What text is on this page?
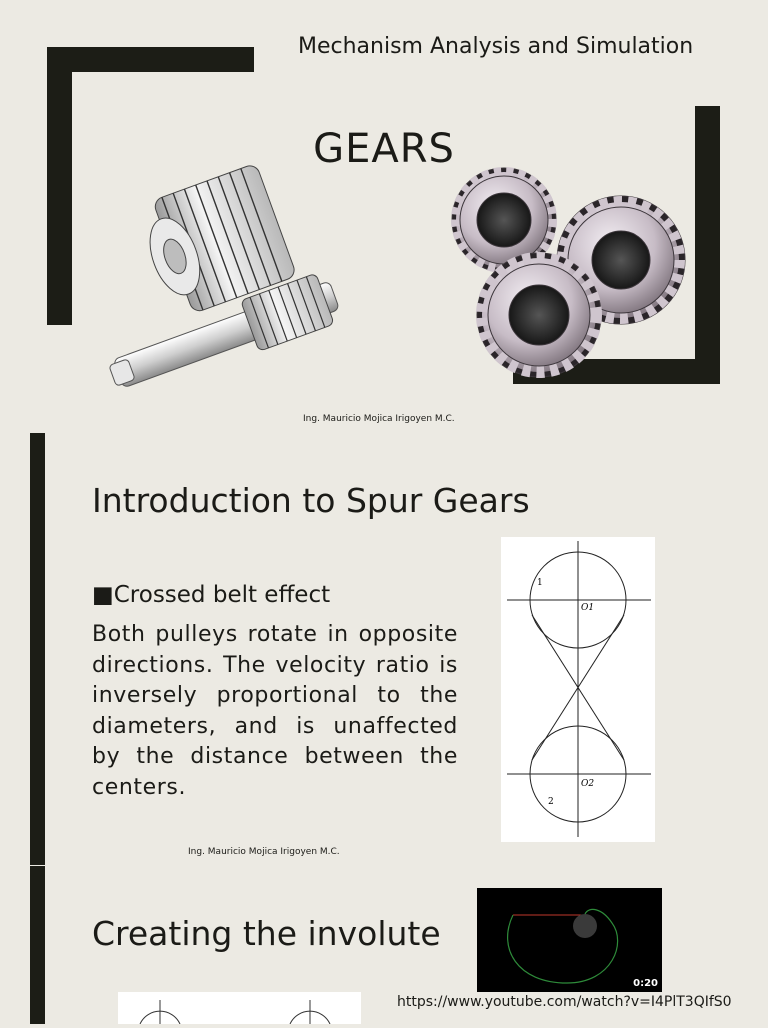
Mechanism Analysis and Simulation
GEARS
Ing. Mauricio Mojica Irigoyen M.C.
Introduction to Spur Gears
■Crossed belt effect
Both pulleys rotate in opposite directions. The velocity ratio is inversely proportional to the diameters, and is unaffected by the distance between the centers.
1
2
O1
O2
Ing. Mauricio Mojica Irigoyen M.C.
Creating the involute
0:20
https://www.youtube.com/watch?v=I4PlT3QIfS0
